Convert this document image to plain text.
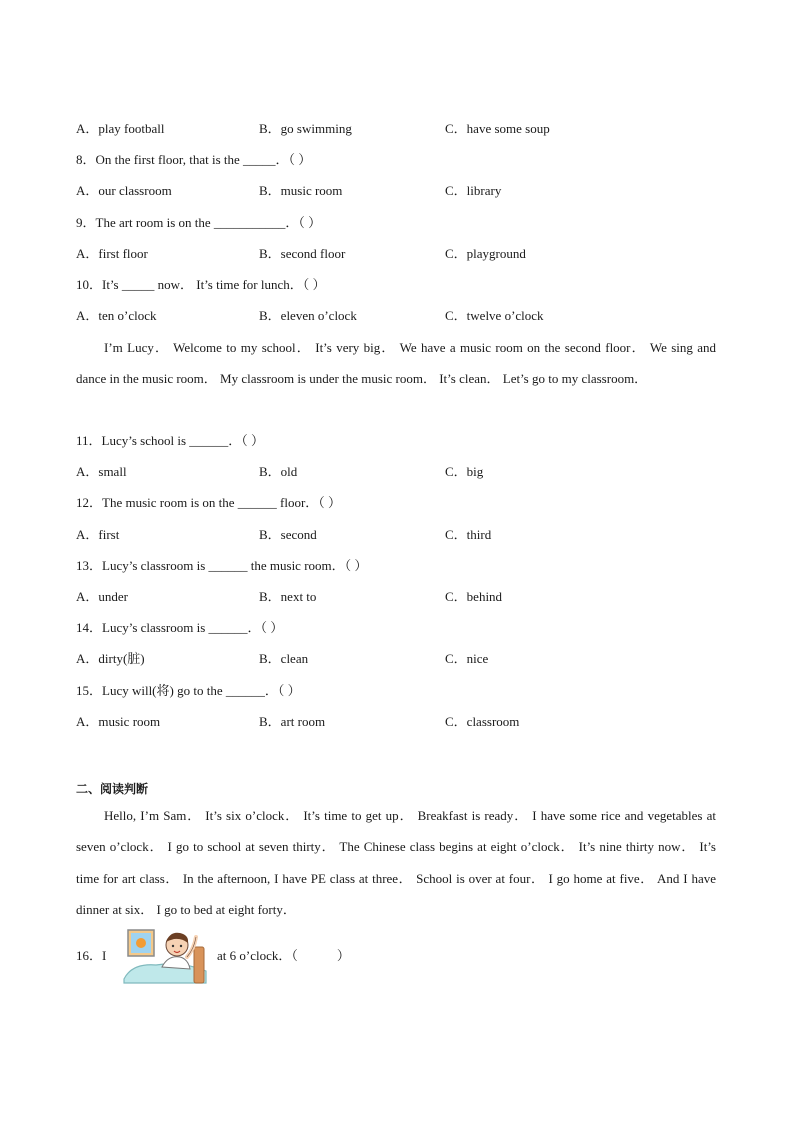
A．play football	B．go swimming	C．have some soup
8．On the first floor, that is the _____．（ ）
A．our classroom	B．music room	C．library
9．The art room is on the ___________．（ ）
A．first floor	B．second floor	C．playground
10．It’s _____ now． It’s time for lunch．（ ）
A．ten o’clock	B．eleven o’clock	C．twelve o’clock
I’m Lucy． Welcome to my school． It’s very big． We have a music room on the second floor． We sing and dance in the music room． My classroom is under the music room． It’s clean． Let’s go to my classroom．
11．Lucy’s school is ______．（ ）
A．small	B．old	C．big
12．The music room is on the ______ floor．（ ）
A．first	B．second	C．third
13．Lucy’s classroom is ______ the music room．（ ）
A．under	B．next to	C．behind
14．Lucy’s classroom is ______．（ ）
A．dirty(脏)	B．clean	C．nice
15．Lucy will(将) go to the ______．（ ）
A．music room	B．art room	C．classroom
二、阅读判断
Hello, I’m Sam． It’s six o’clock． It’s time to get up． Breakfast is ready． I have some rice and vegetables at seven o’clock． I go to school at seven thirty． The Chinese class begins at eight o’clock． It’s nine thirty now． It’s time for art class． In the afternoon, I have PE class at three． School is over at four． I go home at five． And I have dinner at six． I go to bed at eight forty．
16．I	at 6 o’clock．（　　　）
